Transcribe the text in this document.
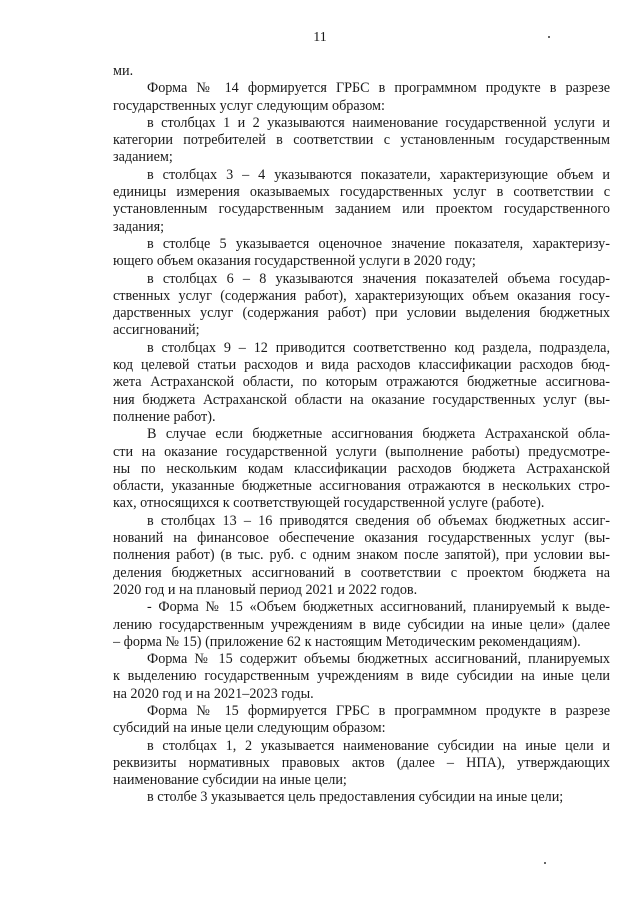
11
ми.
Форма № 14 формируется ГРБС в программном продукте в разрезе
государственных услуг следующим образом:
в столбцах 1 и 2 указываются наименование государственной услуги и
категории потребителей в соответствии с установленным государственным
заданием;
в столбцах 3 – 4 указываются показатели, характеризующие объем и
единицы измерения оказываемых государственных услуг в соответствии с
установленным государственным заданием или проектом государственного
задания;
в столбце 5 указывается оценочное значение показателя, характеризу-
ющего объем оказания государственной услуги в 2020 году;
в столбцах 6 – 8 указываются значения показателей объема государ-
ственных услуг (содержания работ), характеризующих объем оказания госу-
дарственных услуг (содержания работ) при условии выделения бюджетных
ассигнований;
в столбцах 9 – 12 приводится соответственно код раздела, подраздела,
код целевой статьи расходов и вида расходов классификации расходов бюд-
жета Астраханской области, по которым отражаются бюджетные ассигнова-
ния бюджета Астраханской области на оказание государственных услуг (вы-
полнение работ).
В случае если бюджетные ассигнования бюджета Астраханской обла-
сти на оказание государственной услуги (выполнение работы) предусмотре-
ны по нескольким кодам классификации расходов бюджета Астраханской
области, указанные бюджетные ассигнования отражаются в нескольких стро-
ках, относящихся к соответствующей государственной услуге (работе).
в столбцах 13 – 16 приводятся сведения об объемах бюджетных ассиг-
нований на финансовое обеспечение оказания государственных услуг (вы-
полнения работ) (в тыс. руб. с одним знаком после запятой), при условии вы-
деления бюджетных ассигнований в соответствии с проектом бюджета на
2020 год и на плановый период 2021 и 2022 годов.
- Форма № 15 «Объем бюджетных ассигнований, планируемый к выде-
лению государственным учреждениям в виде субсидии на иные цели» (далее
– форма № 15) (приложение 62 к настоящим Методическим рекомендациям).
Форма № 15 содержит объемы бюджетных ассигнований, планируемых
к выделению государственным учреждениям в виде субсидии на иные цели
на 2020 год и на 2021–2023 годы.
Форма № 15 формируется ГРБС в программном продукте в разрезе
субсидий на иные цели следующим образом:
в столбцах 1, 2 указывается наименование субсидии на иные цели и
реквизиты нормативных правовых актов (далее – НПА), утверждающих
наименование субсидии на иные цели;
в столбе 3 указывается цель предоставления субсидии на иные цели;
